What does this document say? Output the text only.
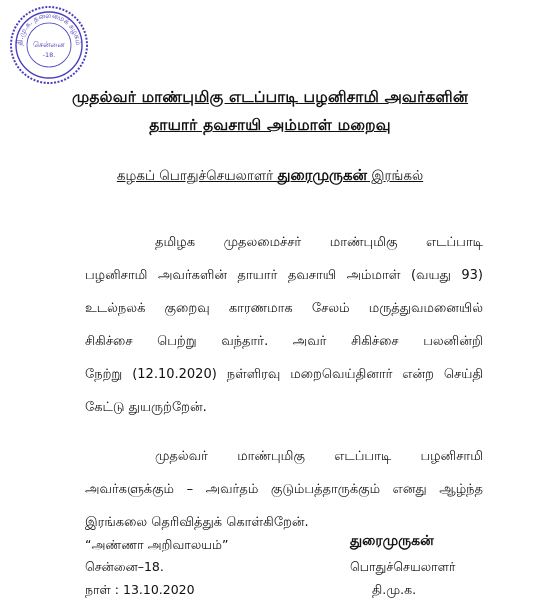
தி.மு.க. தலைமைக் கழகம்
சென்னை
-18.
முதல்வர் மாண்புமிகு எடப்பாடி பழனிசாமி அவர்களின்
தாயார் தவசாயி அம்மாள் மறைவு
கழகப் பொதுச்செயலாளர் துரைமுருகன் இரங்கல்
தமிழக முதலமைச்சர் மாண்புமிகு எடப்பாடி
பழனிசாமி அவர்களின் தாயார் தவசாயி அம்மாள் (வயது 93)
உடல்நலக் குறைவு காரணமாக சேலம் மருத்துவமனையில்
சிகிச்சை பெற்று வந்தார். அவர் சிகிச்சை பலனின்றி
நேற்று (12.10.2020) நள்ளிரவு மறைவெய்தினார் என்ற செய்தி
கேட்டு துயருற்றேன்.
முதல்வர் மாண்புமிகு எடப்பாடி பழனிசாமி
அவர்களுக்கும் – அவர்தம் குடும்பத்தாருக்கும் எனது ஆழ்ந்த
இரங்கலை தெரிவித்துக் கொள்கிறேன்.
“அண்ணா அறிவாலயம்”
சென்னை–18.
நாள் : 13.10.2020
துரைமுருகன்
பொதுச்செயலாளர்
தி.மு.க.
